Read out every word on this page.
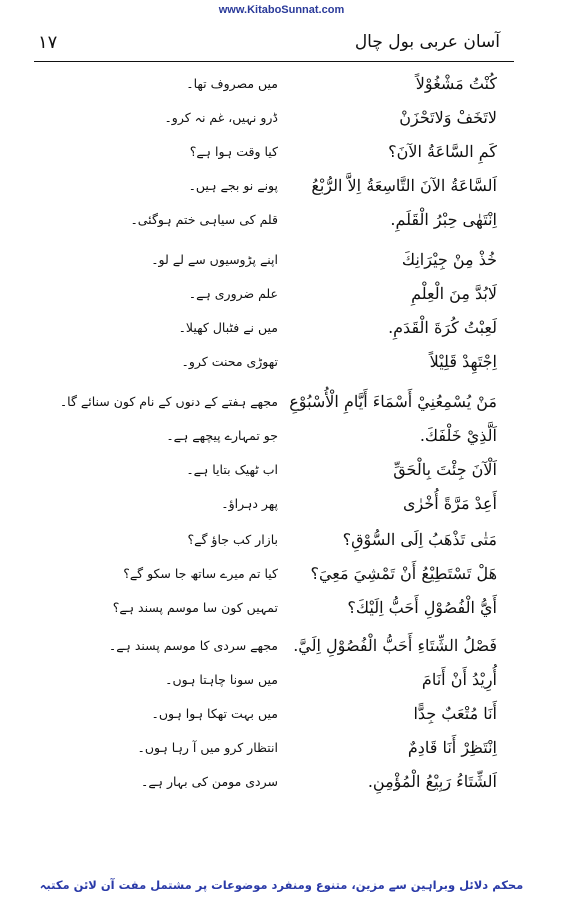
www.KitaboSunnat.com
١٧	آسان عربی بول چال
كُنْتُ مَشْغُوْلاً
میں مصروف تھا۔
لاتَخَفْ وَلاتَحْزَنْ
ڈرو نہیں، غم نہ کرو۔
كَمِ السَّاعَةُ الآنَ؟
کیا وقت ہوا ہے؟
اَلسَّاعَةُ الآنَ التَّاسِعَةُ اِلاَّ الرُّبْعُ
پونے نو بجے ہیں۔
اِنْتَهٰى حِبْرُ الْقَلَمِ.
قلم کی سیاہی ختم ہوگئی۔
خُذْ مِنْ جِيْرَانِكَ
اپنے پڑوسیوں سے لے لو۔
لَابُدَّ مِنَ الْعِلْمِ
علم ضروری ہے۔
لَعِبْتُ كُرَةَ الْقَدَمِ.
میں نے فٹبال کھیلا۔
اِجْتَهِدْ قَلِيْلاً
تھوڑی محنت کرو۔
مَنْ يُسْمِعُنِيْ أَسْمَاءَ أَيَّامِ الْأُسْبُوْعِ
مجھے ہفتے کے دنوں کے نام کون سنائے گا۔
اَلَّذِيْ خَلْفَكَ.
جو تمہارے پیچھے ہے۔
اَلْآنَ جِئْتَ بِالْحَقِّ
اب ٹھیک بتایا ہے۔
أَعِدْ مَرَّةً أُخْرٰى
پھر دہراؤ۔
مَتٰى تَذْهَبُ اِلَى السُّوْقِ؟
بازار کب جاؤ گے؟
هَلْ تَسْتَطِيْعُ أَنْ تَمْشِيَ مَعِيَ؟
کیا تم میرے ساتھ جا سکو گے؟
أَيُّ الْفُصُوْلِ أَحَبُّ اِلَيْكَ؟
تمہیں کون سا موسم پسند ہے؟
فَصْلُ الشِّتَاءِ أَحَبُّ الْفُصُوْلِ اِلَيَّ.
مجھے سردی کا موسم پسند ہے۔
أُرِيْدُ أَنْ أَنَامَ
میں سونا چاہتا ہوں۔
أَنَا مُتْعَبٌ جِدًّا
میں بہت تھکا ہوا ہوں۔
اِنْتَظِرْ أَنَا قَادِمٌ
انتظار کرو میں آ رہا ہوں۔
اَلشِّتَاءُ رَبِيْعُ الْمُؤْمِنِ.
سردی مومن کی بہار ہے۔
محکم دلائل وبراہین سے مزین، متنوع ومنفرد موضوعات پر مشتمل مفت آن لائن مکتبہ
